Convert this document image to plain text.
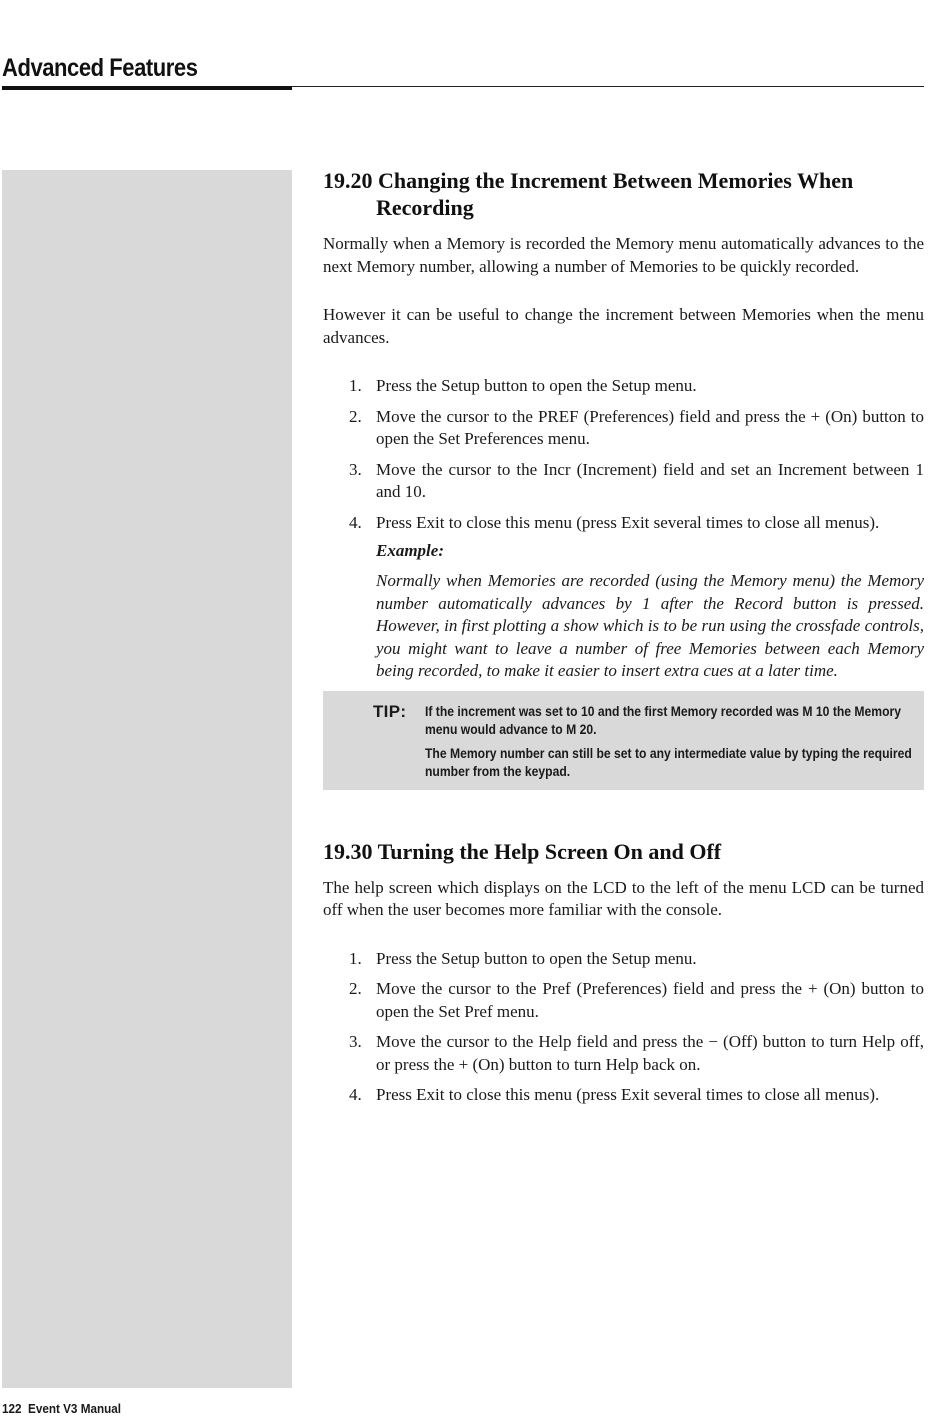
Advanced Features
19.20 Changing the Increment Between Memories When Recording

Normally when a Memory is recorded the Memory menu automatically advances to the next Memory number, allowing a number of Memories to be quickly recorded.

However it can be useful to change the increment between Memories when the menu advances.

1. Press the Setup button to open the Setup menu.
2. Move the cursor to the PREF (Preferences) field and press the + (On) button to open the Set Preferences menu.
3. Move the cursor to the Incr (Increment) field and set an Increment between 1 and 10.
4. Press Exit to close this menu (press Exit several times to close all menus).

Example:

Normally when Memories are recorded (using the Memory menu) the Memory number automatically advances by 1 after the Record button is pressed. However, in first plotting a show which is to be run using the crossfade controls, you might want to leave a number of free Memories between each Memory being recorded, to make it easier to insert extra cues at a later time.

TIP: If the increment was set to 10 and the first Memory recorded was M 10 the Memory menu would advance to M 20.

The Memory number can still be set to any intermediate value by typing the required number from the keypad.

19.30 Turning the Help Screen On and Off

The help screen which displays on the LCD to the left of the menu LCD can be turned off when the user becomes more familiar with the console.

1. Press the Setup button to open the Setup menu.
2. Move the cursor to the Pref (Preferences) field and press the + (On) button to open the Set Pref menu.
3. Move the cursor to the Help field and press the − (Off) button to turn Help off, or press the + (On) button to turn Help back on.
4. Press Exit to close this menu (press Exit several times to close all menus).
122  Event V3 Manual
